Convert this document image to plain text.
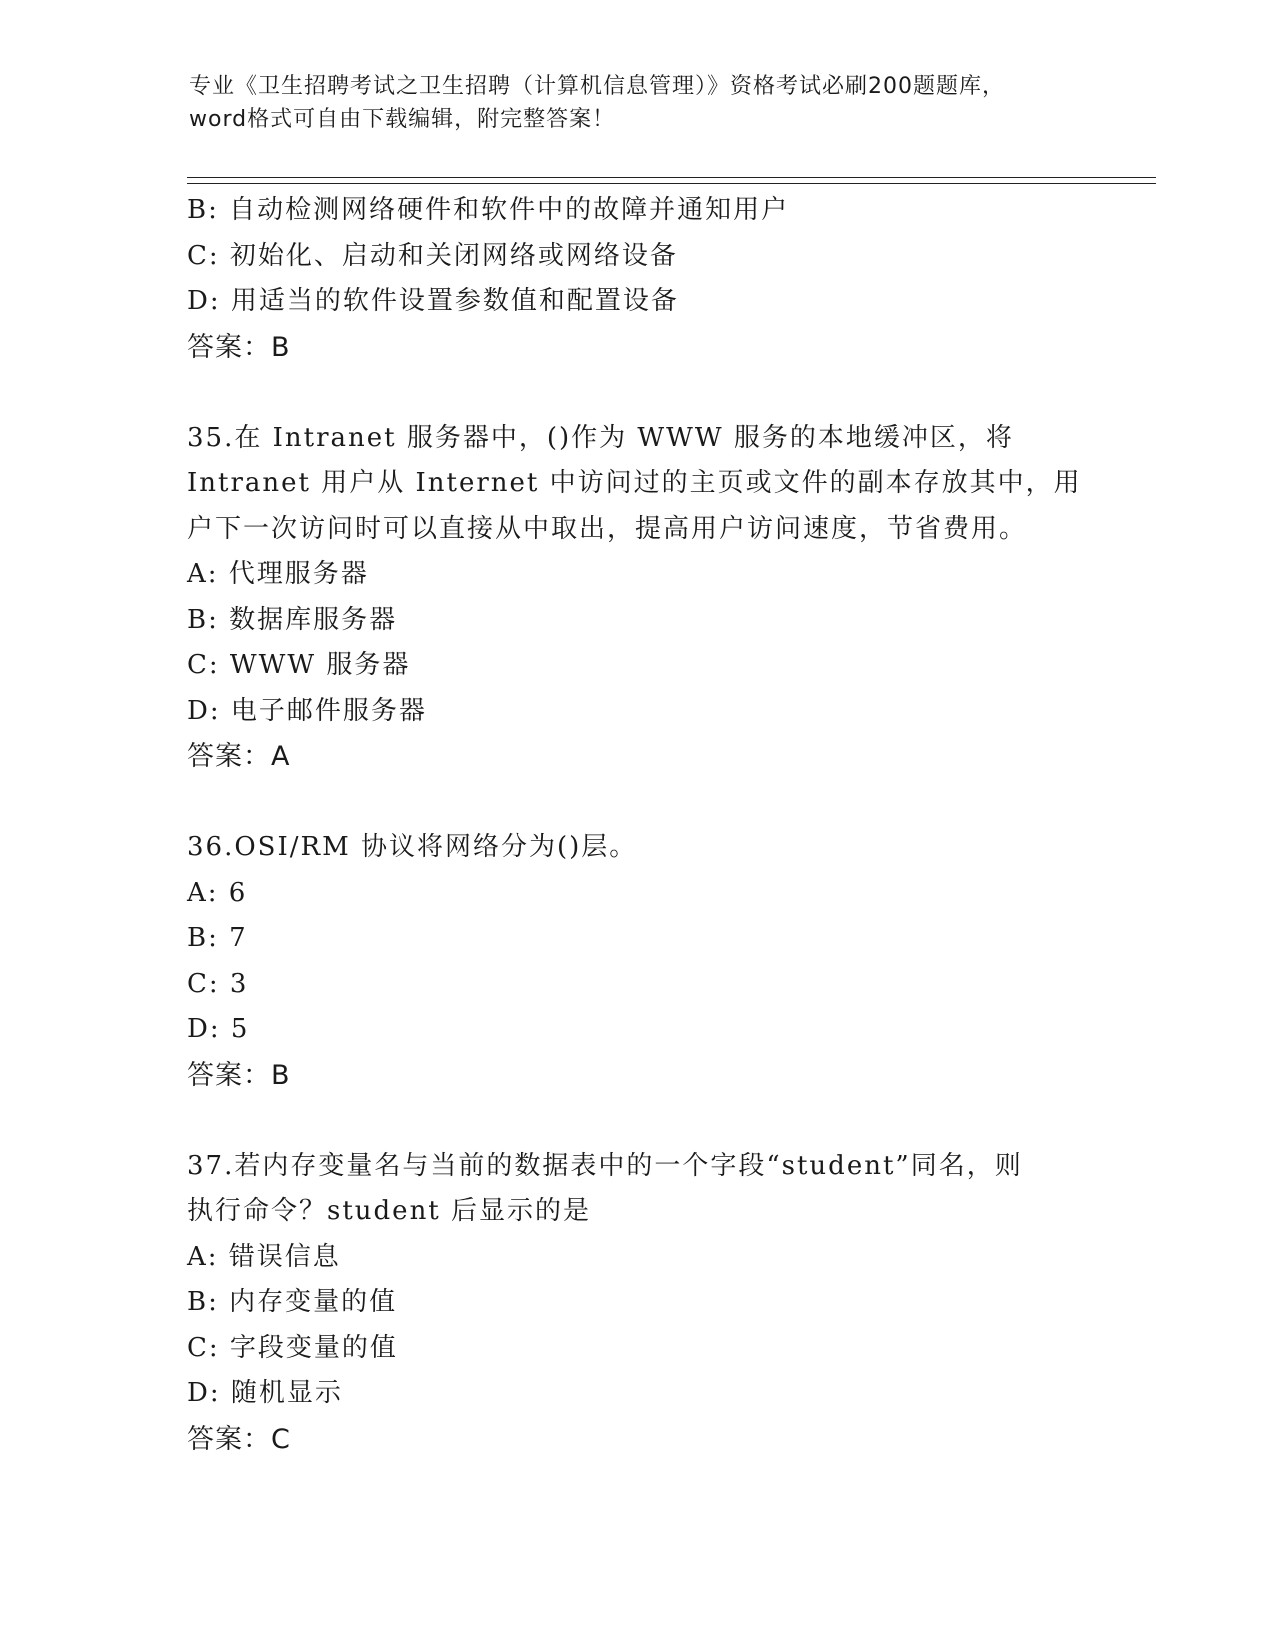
专业《卫生招聘考试之卫生招聘（计算机信息管理）》资格考试必刷200题题库，
word格式可自由下载编辑，附完整答案！
B: 自动检测网络硬件和软件中的故障并通知用户
C: 初始化、启动和关闭网络或网络设备
D: 用适当的软件设置参数值和配置设备
答案：B
35.在 Intranet 服务器中，()作为 WWW 服务的本地缓冲区，将
Intranet 用户从 Internet 中访问过的主页或文件的副本存放其中，用
户下一次访问时可以直接从中取出，提高用户访问速度，节省费用。
A: 代理服务器
B: 数据库服务器
C: WWW 服务器
D: 电子邮件服务器
答案：A
36.OSI/RM 协议将网络分为()层。
A: 6
B: 7
C: 3
D: 5
答案：B
37.若内存变量名与当前的数据表中的一个字段“student”同名，则
执行命令？student 后显示的是
A: 错误信息
B: 内存变量的值
C: 字段变量的值
D: 随机显示
答案：C
